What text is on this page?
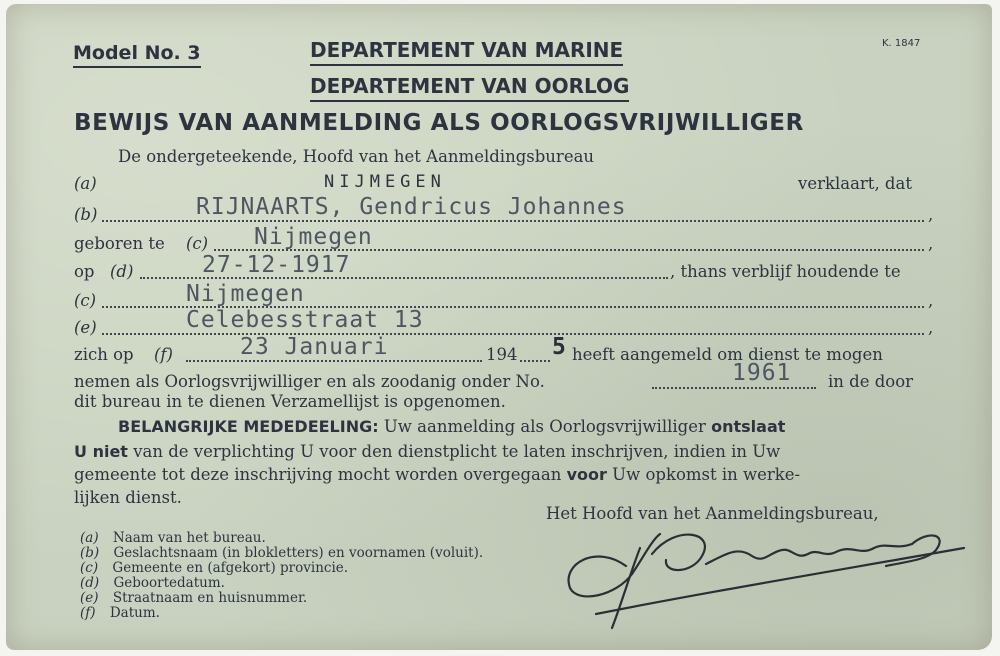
Model No. 3	DEPARTEMENT VAN MARINE
DEPARTEMENT VAN OORLOG
K. 1847
BEWIJS VAN AANMELDING ALS OORLOGSVRIJWILLIGER
De ondergeteekende, Hoofd van het Aanmeldingsbureau
(a)	NIJMEGEN	verklaart, dat
(b)	RIJNAARTS, Gendricus Johannes	,
geboren te (c) Nijmegen	,
op (d)	27-12-1917	, thans verblijf houdende te
(c)	Nijmegen	,
(e)	Celebesstraat 13	,
zich op (f)	23 Januari	194 5 heeft aangemeld om dienst te mogen
nemen als Oorlogsvrijwilliger en als zoodanig onder No.	1961 in de door
dit bureau in te dienen Verzamellijst is opgenomen.
BELANGRIJKE MEDEDEELING: Uw aanmelding als Oorlogsvrijwilliger ontslaat
U niet van de verplichting U voor den dienstplicht te laten inschrijven, indien in Uw
gemeente tot deze inschrijving mocht worden overgegaan voor Uw opkomst in werke-
lijken dienst.
Het Hoofd van het Aanmeldingsbureau,
(a) Naam van het bureau.
(b) Geslachtsnaam (in blokletters) en voornamen (voluit).
(c) Gemeente en (afgekort) provincie.
(d) Geboortedatum.
(e) Straatnaam en huisnummer.
(f) Datum.
